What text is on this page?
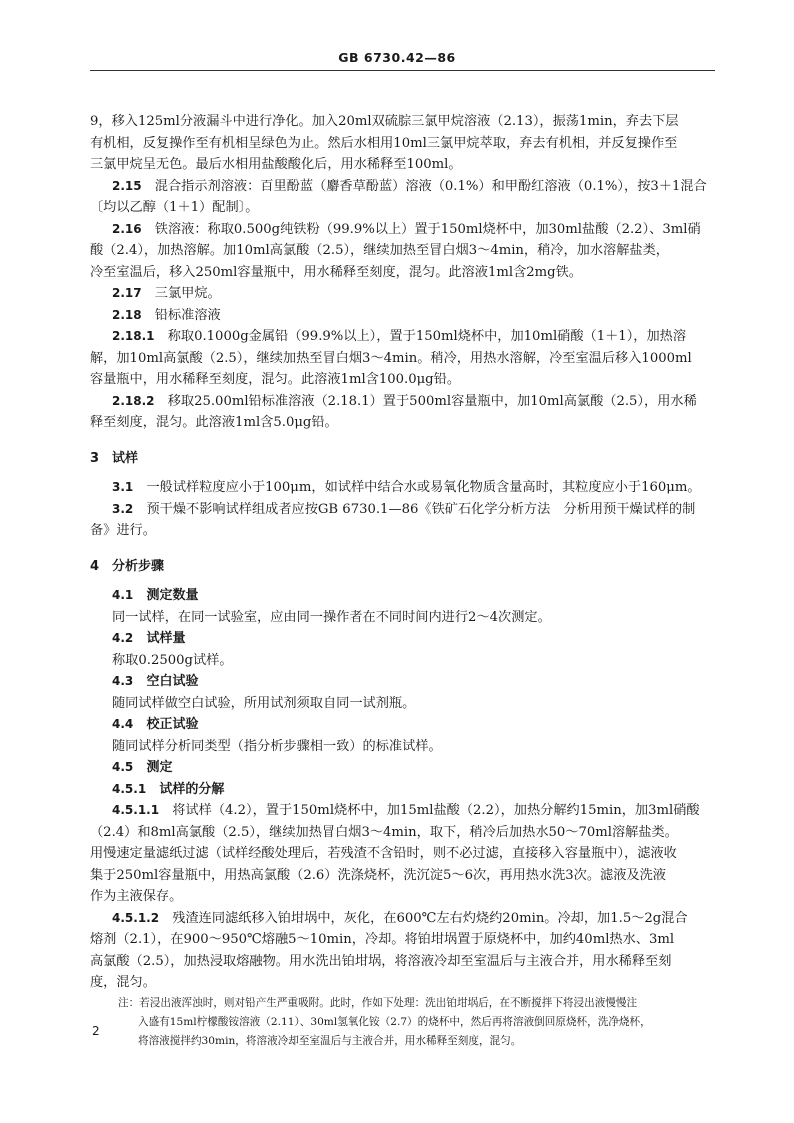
GB 6730.42—86
9，移入125ml分液漏斗中进行净化。加入20ml双硫腙三氯甲烷溶液（2.13），振荡1min，弃去下层
有机相，反复操作至有机相呈绿色为止。然后水相用10ml三氯甲烷萃取，弃去有机相，并反复操作至
三氯甲烷呈无色。最后水相用盐酸酸化后，用水稀释至100ml。
2.15　 混合指示剂溶液：百里酚蓝（麝香草酚蓝）溶液（0.1%）和甲酚红溶液（0.1%），按3＋1混合
〔均以乙醇（1＋1）配制〕。
2.16　 铁溶液：称取0.500g纯铁粉（99.9%以上）置于150ml烧杯中，加30ml盐酸（2.2）、3ml硝
酸（2.4），加热溶解。加10ml高氯酸（2.5），继续加热至冒白烟3～4min，稍冷，加水溶解盐类，
冷至室温后，移入250ml容量瓶中，用水稀释至刻度，混匀。此溶液1ml含2mg铁。
2.17　 三氯甲烷。
2.18　 铅标准溶液
2.18.1　 称取0.1000g金属铅（99.9%以上），置于150ml烧杯中，加10ml硝酸（1＋1），加热溶
解，加10ml高氯酸（2.5），继续加热至冒白烟3～4min。稍冷，用热水溶解，冷至室温后移入1000ml
容量瓶中，用水稀释至刻度，混匀。此溶液1ml含100.0μg铅。
2.18.2　 移取25.00ml铅标准溶液（2.18.1）置于500ml容量瓶中，加10ml高氯酸（2.5），用水稀
释至刻度，混匀。此溶液1ml含5.0μg铅。
3　试样
3.1　 一般试样粒度应小于100μm，如试样中结合水或易氧化物质含量高时，其粒度应小于160μm。
3.2　 预干燥不影响试样组成者应按GB 6730.1—86《铁矿石化学分析方法　分析用预干燥试样的制
备》进行。
4　分析步骤
4.1　 测定数量
同一试样，在同一试验室，应由同一操作者在不同时间内进行2～4次测定。
4.2　 试样量
称取0.2500g试样。
4.3　 空白试验
随同试样做空白试验，所用试剂须取自同一试剂瓶。
4.4　 校正试验
随同试样分析同类型（指分析步骤相一致）的标准试样。
4.5　 测定
4.5.1　 试样的分解
4.5.1.1　 将试样（4.2），置于150ml烧杯中，加15ml盐酸（2.2），加热分解约15min，加3ml硝酸
（2.4）和8ml高氯酸（2.5），继续加热冒白烟3～4min，取下，稍冷后加热水50～70ml溶解盐类。
用慢速定量滤纸过滤（试样经酸处理后，若残渣不含铅时，则不必过滤，直接移入容量瓶中），滤液收
集于250ml容量瓶中，用热高氯酸（2.6）洗涤烧杯，洗沉淀5～6次，再用热水洗3次。滤液及洗液
作为主液保存。
4.5.1.2　 残渣连同滤纸移入铂坩埚中，灰化，在600℃左右灼烧约20min。冷却，加1.5～2g混合
熔剂（2.1），在900～950℃熔融5～10min，冷却。将铂坩埚置于原烧杯中，加约40ml热水、3ml
高氯酸（2.5），加热浸取熔融物。用水洗出铂坩埚，将溶液冷却至室温后与主液合并，用水稀释至刻
度，混匀。
注：若浸出液浑浊时，则对铅产生严重吸附。此时，作如下处理：洗出铂坩埚后，在不断搅拌下将浸出液慢慢注
入盛有15ml柠檬酸铵溶液（2.11）、30ml氢氧化铵（2.7）的烧杯中，然后再将溶液倒回原烧杯，洗净烧杯，
将溶液搅拌约30min，将溶液冷却至室温后与主液合并，用水稀释至刻度，混匀。
2
